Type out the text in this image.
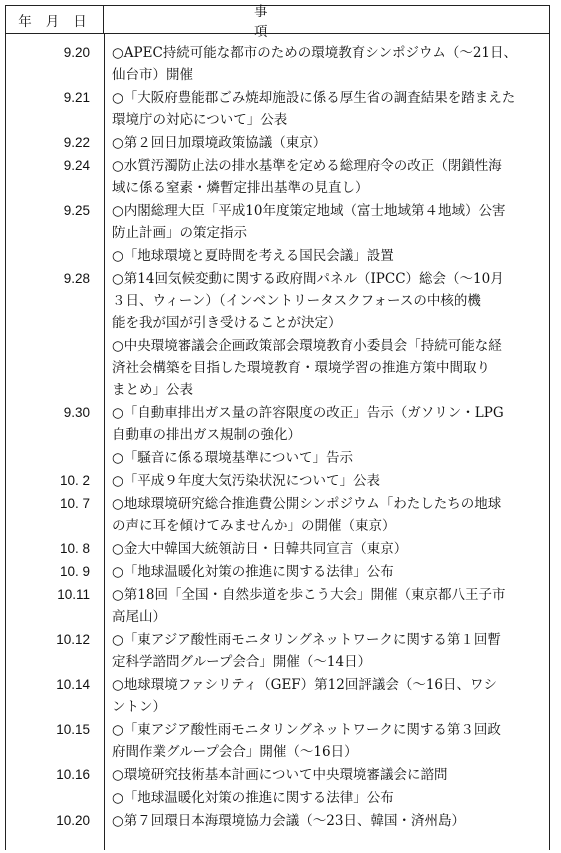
年月日
事項
9.20 ○APEC持続可能な都市のための環境教育シンポジウム（～21日、
仙台市）開催
9.21 ○「大阪府豊能郡ごみ焼却施設に係る厚生省の調査結果を踏まえた
環境庁の対応について」公表
9.22 ○第２回日加環境政策協議（東京）
9.24 ○水質汚濁防止法の排水基準を定める総理府令の改正（閉鎖性海
域に係る窒素・燐暫定排出基準の見直し）
9.25 ○内閣総理大臣「平成10年度策定地域（富士地域第４地域）公害
防止計画」の策定指示
○「地球環境と夏時間を考える国民会議」設置
9.28 ○第14回気候変動に関する政府間パネル（IPCC）総会（～10月
３日、ウィーン）（インベントリータスクフォースの中核的機
能を我が国が引き受けることが決定）
○中央環境審議会企画政策部会環境教育小委員会「持続可能な経
済社会構築を目指した環境教育・環境学習の推進方策中間取り
まとめ」公表
9.30 ○「自動車排出ガス量の許容限度の改正」告示（ガソリン・LPG
自動車の排出ガス規制の強化）
○「騒音に係る環境基準について」告示
10. 2 ○「平成９年度大気汚染状況について」公表
10. 7 ○地球環境研究総合推進費公開シンポジウム「わたしたちの地球
の声に耳を傾けてみませんか」の開催（東京）
10. 8 ○金大中韓国大統領訪日・日韓共同宣言（東京）
10. 9 ○「地球温暖化対策の推進に関する法律」公布
10.11 ○第18回「全国・自然歩道を歩こう大会」開催（東京都八王子市
高尾山）
10.12 ○「東アジア酸性雨モニタリングネットワークに関する第１回暫
定科学諮問グループ会合」開催（～14日）
10.14 ○地球環境ファシリティ（GEF）第12回評議会（～16日、ワシ
ントン）
10.15 ○「東アジア酸性雨モニタリングネットワークに関する第３回政
府間作業グループ会合」開催（～16日）
10.16 ○環境研究技術基本計画について中央環境審議会に諮問
○「地球温暖化対策の推進に関する法律」公布
10.20 ○第７回環日本海環境協力会議（～23日、韓国・済州島）
